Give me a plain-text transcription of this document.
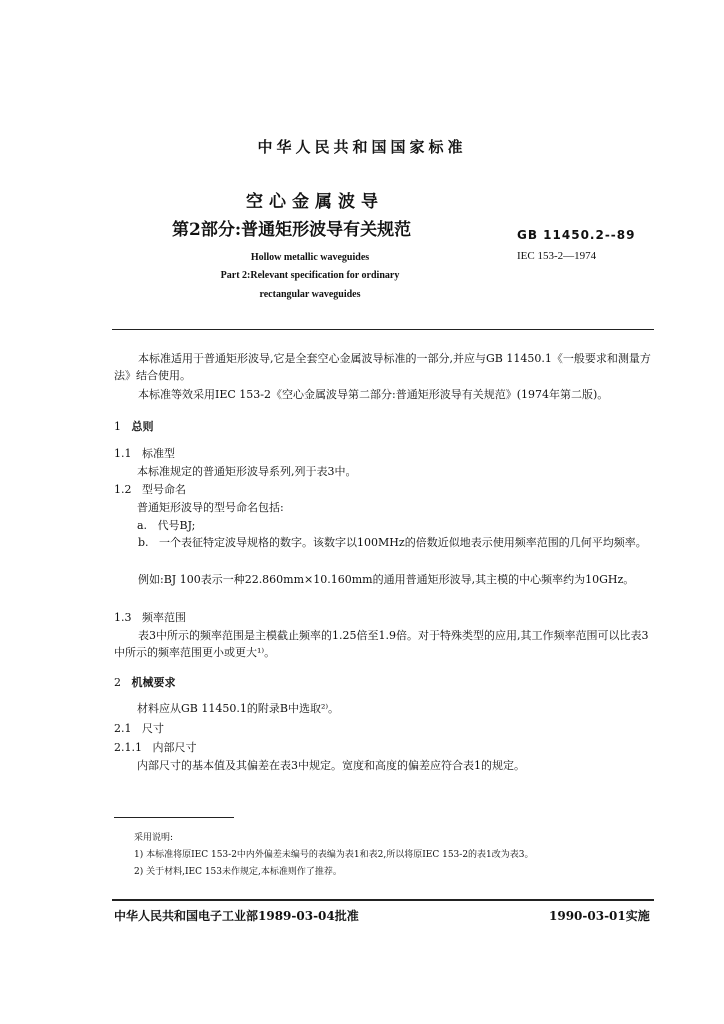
中华人民共和国国家标准
空心金属波导
第2部分:普通矩形波导有关规范	GB 11450.2--89
IEC 153-2—1974
Hollow metallic waveguides
Part 2:Relevant specification for ordinary
rectangular waveguides
本标准适用于普通矩形波导,它是全套空心金属波导标准的一部分,并应与GB 11450.1《一般要求和测量方法》结合使用。
本标准等效采用IEC 153-2《空心金属波导第二部分:普通矩形波导有关规范》(1974年第二版)。
1 总则
1.1 标准型
本标准规定的普通矩形波导系列,列于表3中。
1.2 型号命名
普通矩形波导的型号命名包括:
a. 代号BJ;
b. 一个表征特定波导规格的数字。该数字以100MHz的倍数近似地表示使用频率范围的几何平均频率。
例如:BJ 100表示一种22.860mm×10.160mm的通用普通矩形波导,其主模的中心频率约为10GHz。
1.3 频率范围
表3中所示的频率范围是主模截止频率的1.25倍至1.9倍。对于特殊类型的应用,其工作频率范围可以比表3中所示的频率范围更小或更大¹⁾。
2 机械要求
材料应从GB 11450.1的附录B中选取²⁾。
2.1 尺寸
2.1.1 内部尺寸
内部尺寸的基本值及其偏差在表3中规定。宽度和高度的偏差应符合表1的规定。
采用说明:
1) 本标准将原IEC 153-2中内外偏差未编号的表编为表1和表2,所以将原IEC 153-2的表1改为表3。
2) 关于材料,IEC 153未作规定,本标准则作了推荐。
中华人民共和国电子工业部1989-03-04批准	1990-03-01实施
